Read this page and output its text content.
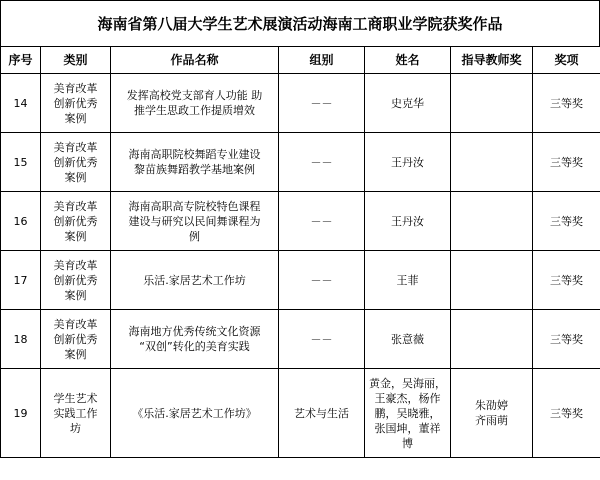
海南省第八届大学生艺术展演活动海南工商职业学院获奖作品
序号	类别	作品名称	组别	姓名	指导教师奖	奖项
14	美育改革
创新优秀
案例	发挥高校党支部育人功能 助
推学生思政工作提质增效	－－	史克华		三等奖
15	美育改革
创新优秀
案例	海南高职院校舞蹈专业建设
黎苗族舞蹈教学基地案例	－－	王丹汝		三等奖
16	美育改革
创新优秀
案例	海南高职高专院校特色课程
建设与研究以民间舞课程为
例	－－	王丹汝		三等奖
17	美育改革
创新优秀
案例	乐活.家居艺术工作坊	－－	王菲		三等奖
18	美育改革
创新优秀
案例	海南地方优秀传统文化资源
“双创”转化的美育实践	－－	张意薇		三等奖
19	学生艺术
实践工作
坊	《乐活.家居艺术工作坊》	艺术与生活	黄金，吴海丽，
王豪杰，杨作
鹏，吴晓雅，
张国坤，董祥
博	朱劭婷
齐雨萌	三等奖
